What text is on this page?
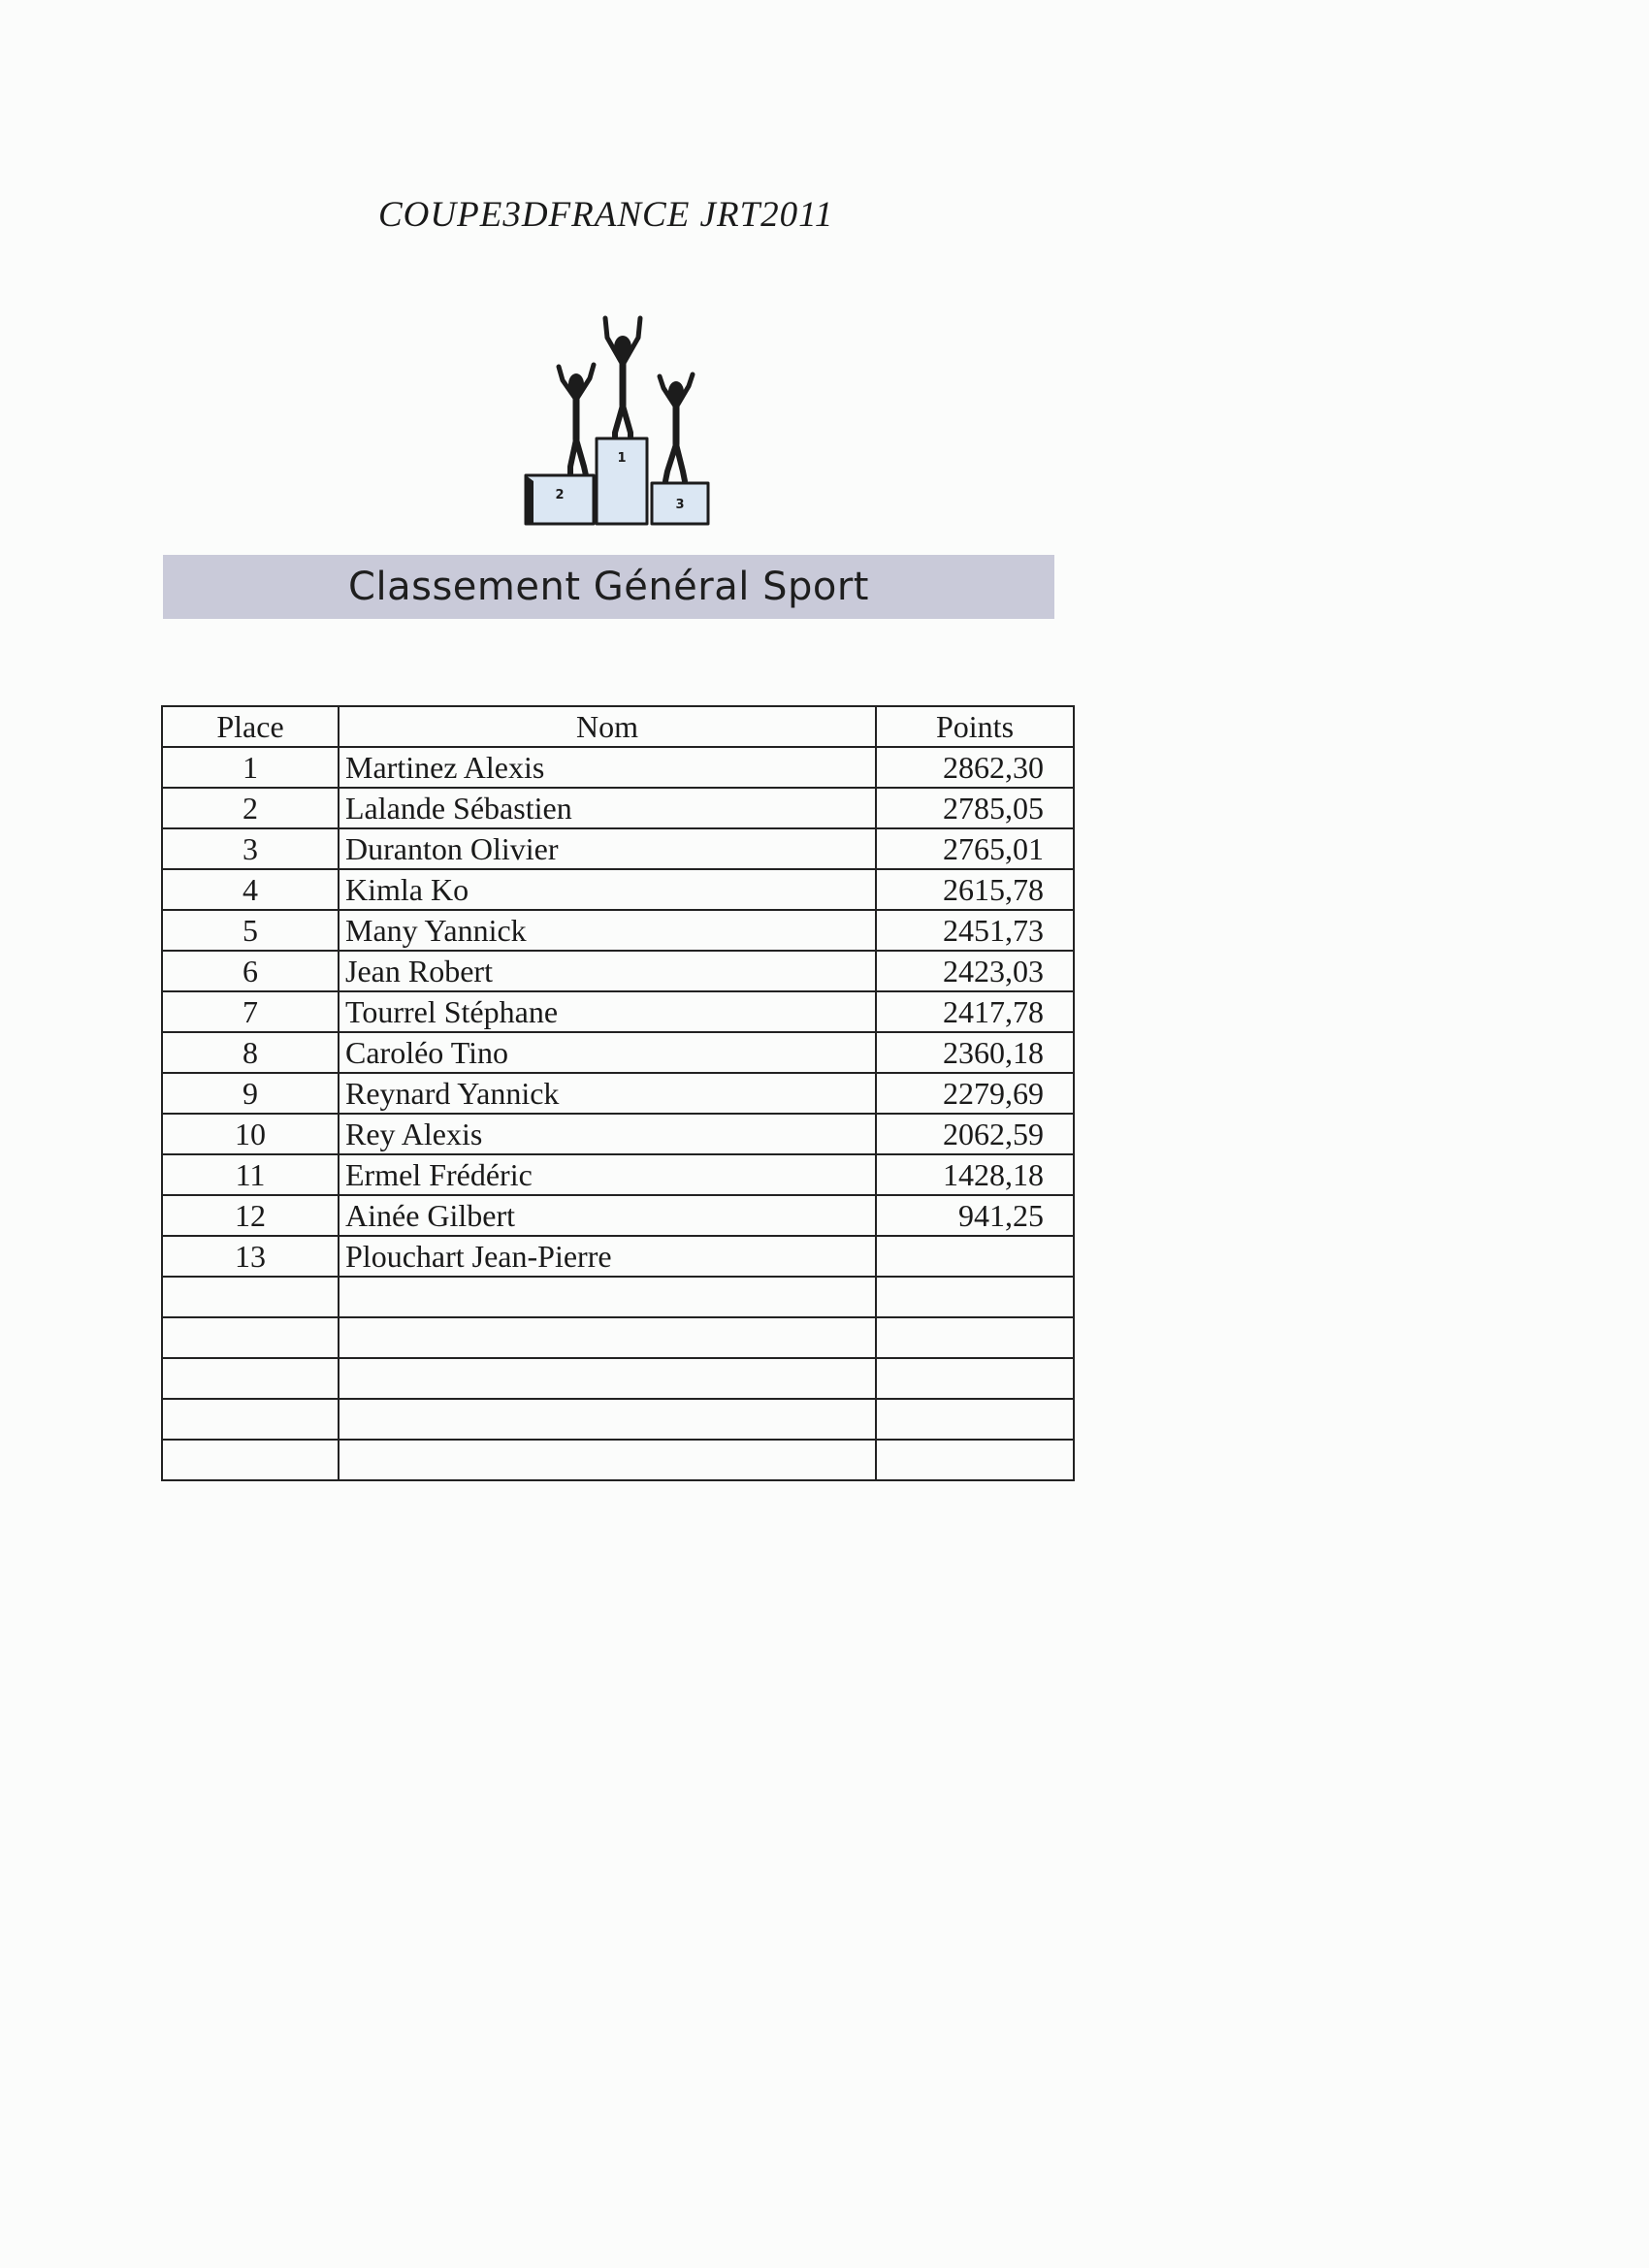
COUPE3DFRANCE JRT2011
1
2
3
Classement Général Sport
Place	Nom	Points
1	Martinez Alexis	2862,30
2	Lalande Sébastien	2785,05
3	Duranton Olivier	2765,01
4	Kimla Ko	2615,78
5	Many Yannick	2451,73
6	Jean Robert	2423,03
7	Tourrel Stéphane	2417,78
8	Caroléo Tino	2360,18
9	Reynard Yannick	2279,69
10	Rey Alexis	2062,59
11	Ermel Frédéric	1428,18
12	Ainée Gilbert	941,25
13	Plouchart Jean-Pierre	
